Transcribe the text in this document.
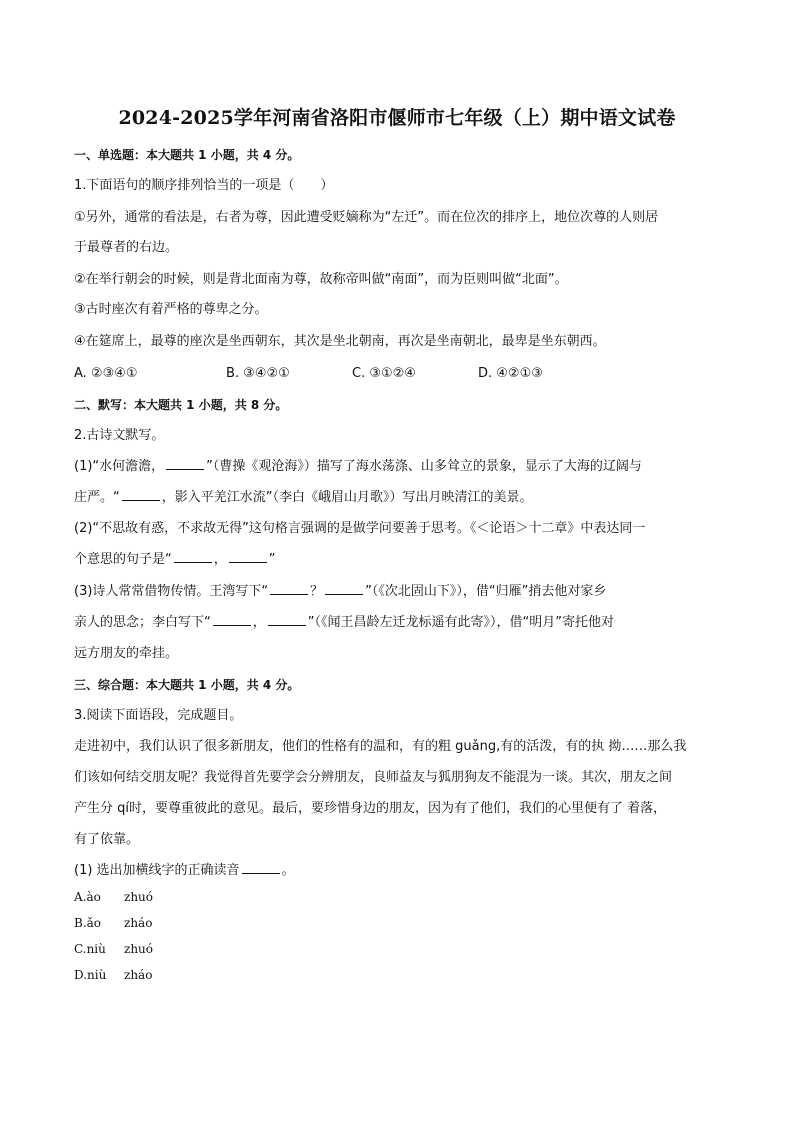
2024-2025学年河南省洛阳市偃师市七年级（上）期中语文试卷

一、单选题：本大题共 1 小题，共 4 分。

1.下面语句的顺序排列恰当的一项是（　　）

①另外，通常的看法是，右者为尊，因此遭受贬嫡称为“左迁”。而在位次的排序上，地位次尊的人则居

于最尊者的右边。

②在举行朝会的时候，则是背北面南为尊，故称帝叫做“南面”，而为臣则叫做“北面”。

③古时座次有着严格的尊卑之分。

④在筵席上，最尊的座次是坐西朝东，其次是坐北朝南，再次是坐南朝北，最卑是坐东朝西。

A. ②③④①	B. ③④②①	C. ③①②④	D. ④②①③

二、默写：本大题共 1 小题，共 8 分。

2.古诗文默写。

(1)“水何澹澹，	”（曹操《观沧海》）描写了海水荡涤、山多耸立的景象，显示了大海的辽阔与

庄严。“	，影入平羌江水流”（李白《峨眉山月歌》）写出月映清江的美景。

(2)“不思故有惑，不求故无得”这句格言强调的是做学问要善于思考。《＜论语＞十二章》中表达同一

个意思的句子是“	，	”

(3)诗人常常借物传情。王湾写下“	？	”（《次北固山下》），借“归雁”捎去他对家乡

亲人的思念；李白写下“	，	”（《闻王昌龄左迁龙标遥有此寄》），借“明月”寄托他对

远方朋友的牵挂。

三、综合题：本大题共 1 小题，共 4 分。

3.阅读下面语段，完成题目。

走进初中，我们认识了很多新朋友，他们的性格有的温和，有的粗 guǎng,有的活泼，有的执 拗……那么我

们该如何结交朋友呢？我觉得首先要学会分辨朋友，良师益友与狐朋狗友不能混为一谈。其次，朋友之间

产生分 qí时，要尊重彼此的意见。最后，要珍惜身边的朋友，因为有了他们，我们的心里便有了 着落，

有了依靠。

(1) 选出加横线字的正确读音	。

A.ào zhuó

B.ǎo zháo

C.niù zhuó

D.niù zháo
